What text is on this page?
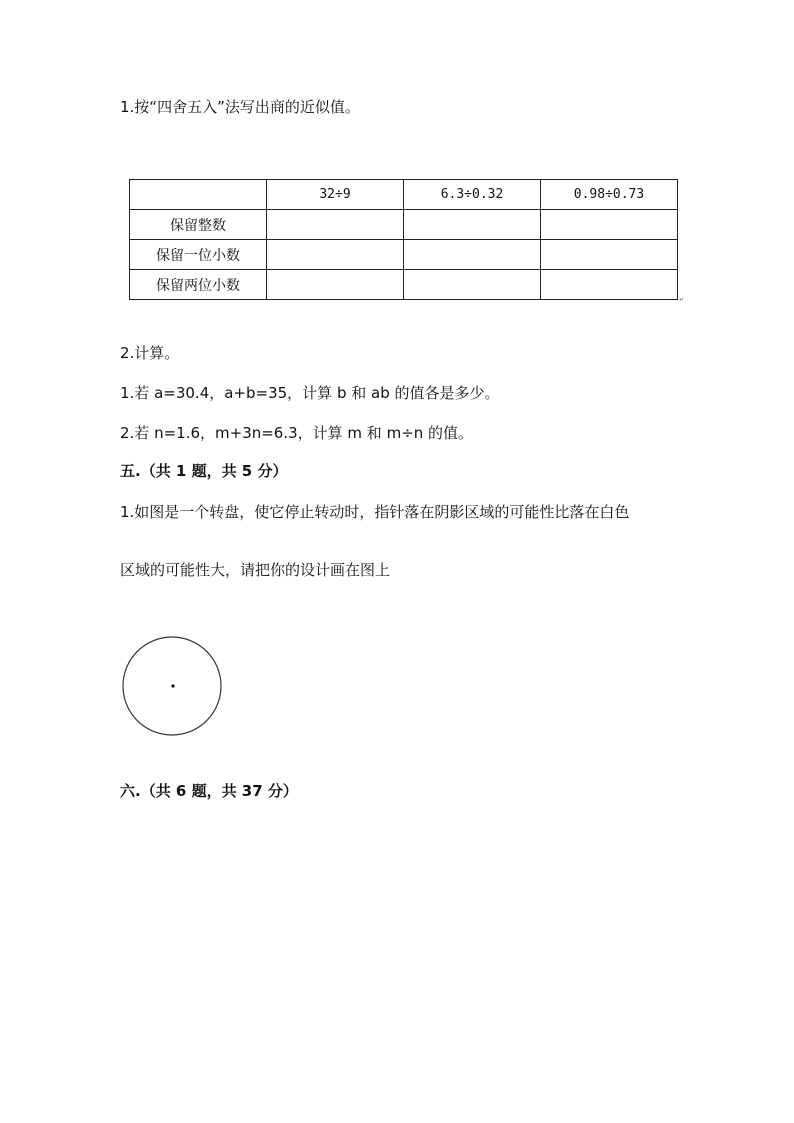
1.按“四舍五入”法写出商的近似值。
	32÷9	6.3÷0.32	0.98÷0.73
保留整数			
保留一位小数			
保留两位小数			
↵
2.计算。
1.若 a=30.4，a+b=35，计算 b 和 ab 的值各是多少。
2.若 n=1.6，m+3n=6.3，计算 m 和 m÷n 的值。
五.（共 1 题，共 5 分）
1.如图是一个转盘，使它停止转动时，指针落在阴影区域的可能性比落在白色
区域的可能性大，请把你的设计画在图上
六.（共 6 题，共 37 分）
